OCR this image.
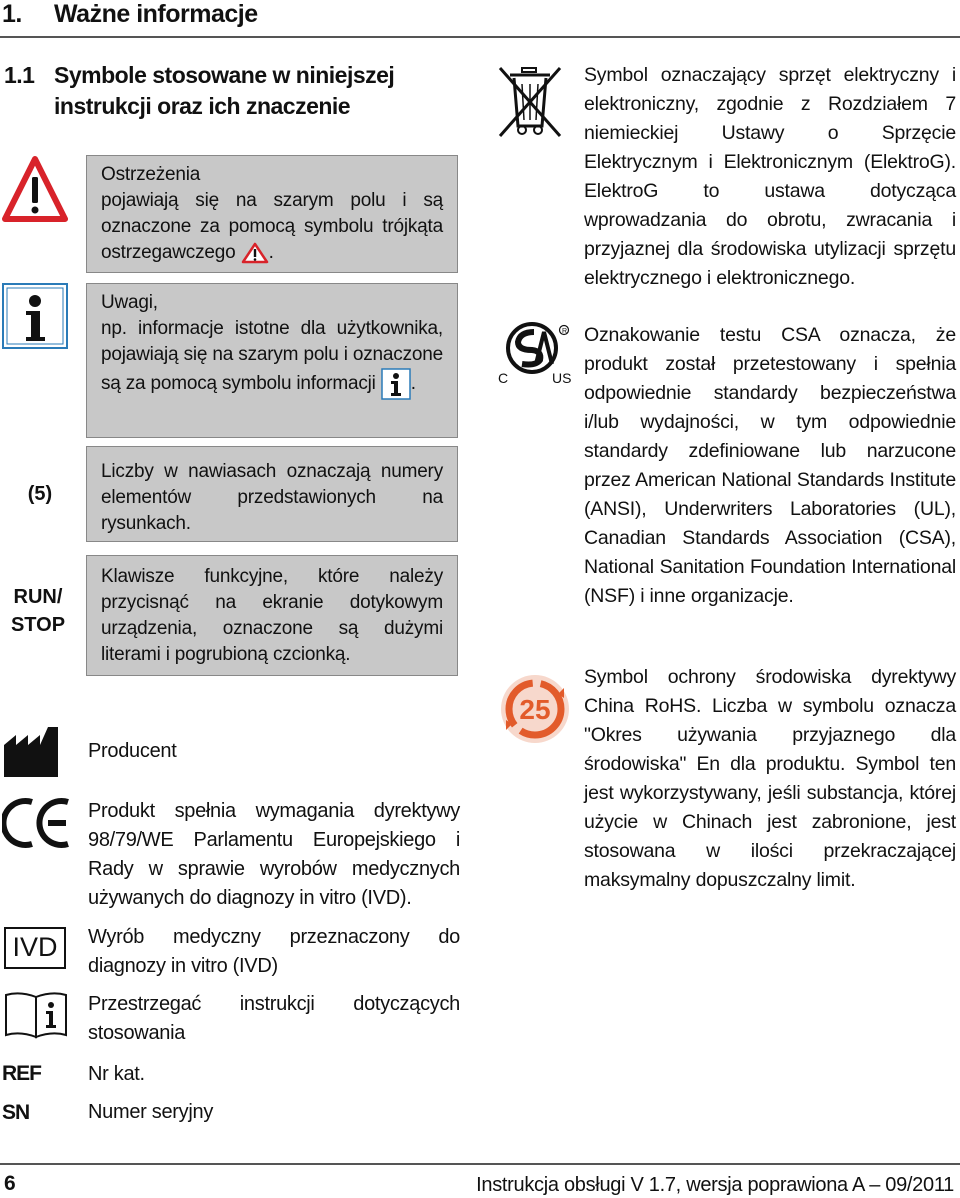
1. Ważne informacje
1.1 Symbole stosowane w niniejszej instrukcji oraz ich znaczenie
Ostrzeżenia
pojawiają się na szarym polu i są oznaczone za pomocą symbolu trójkąta ostrzegawczego .
Uwagi,
np. informacje istotne dla użytkownika, pojawiają się na szarym polu i oznaczone są za pomocą symbolu informacji .
(5)
Liczby w nawiasach oznaczają numery elementów przedstawionych na rysunkach.
RUN/ STOP
Klawisze funkcyjne, które należy przycisnąć na ekranie dotykowym urządzenia, oznaczone są dużymi literami i pogrubioną czcionką.
Producent
Produkt spełnia wymagania dyrektywy 98/79/WE Parlamentu Europejskiego i Rady w sprawie wyrobów medycznych używanych do diagnozy in vitro (IVD).
IVD	Wyrób medyczny przeznaczony do diagnozy in vitro (IVD)
Przestrzegać instrukcji dotyczących stosowania
REF Nr kat.
SN	Numer seryjny
Symbol oznaczający sprzęt elektryczny i elektroniczny, zgodnie z Rozdziałem 7 niemieckiej Ustawy o Sprzęcie Elektrycznym i Elektronicznym (ElektroG). ElektroG to ustawa dotycząca wprowadzania do obrotu, zwracania i przyjaznej dla środowiska utylizacji sprzętu elektrycznego i elektronicznego.
R
C	US
Oznakowanie testu CSA oznacza, że produkt został przetestowany i spełnia odpowiednie standardy bezpieczeństwa i/lub wydajności, w tym odpowiednie standardy zdefiniowane lub narzucone przez American National Standards Institute (ANSI), Underwriters Laboratories (UL), Canadian Standards Association (CSA), National Sanitation Foundation International (NSF) i inne organizacje.
25
Symbol ochrony środowiska dyrektywy China RoHS. Liczba w symbolu oznacza "Okres używania przyjaznego dla środowiska" En dla produktu. Symbol ten jest wykorzystywany, jeśli substancja, której użycie w Chinach jest zabronione, jest stosowana w ilości przekraczającej maksymalny dopuszczalny limit.
6	Instrukcja obsługi V 1.7, wersja poprawiona A – 09/2011
